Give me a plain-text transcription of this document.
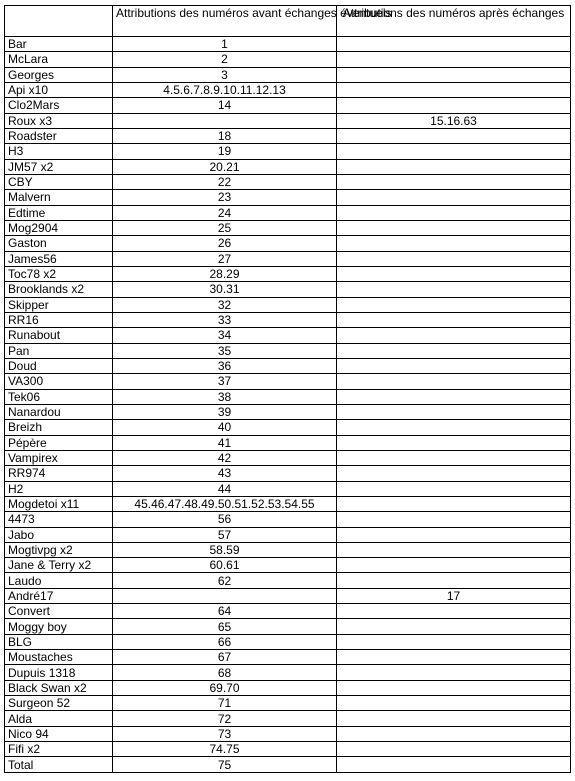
	Attributions des numéros avant échanges éventuels	Attributions des numéros après échanges
Bar	1	
McLara	2	
Georges	3	
Api x10	4.5.6.7.8.9.10.11.12.13	
Clo2Mars	14	
Roux x3		15.16.63
Roadster	18	
H3	19	
JM57 x2	20.21	
CBY	22	
Malvern	23	
Edtime	24	
Mog2904	25	
Gaston	26	
James56	27	
Toc78 x2	28.29	
Brooklands x2	30.31	
Skipper	32	
RR16	33	
Runabout	34	
Pan	35	
Doud	36	
VA300	37	
Tek06	38	
Nanardou	39	
Breizh	40	
Pépère	41	
Vampirex	42	
RR974	43	
H2	44	
Mogdetoi x11	45.46.47.48.49.50.51.52.53.54.55	
4473	56	
Jabo	57	
Mogtivpg x2	58.59	
Jane & Terry x2	60.61	
Laudo	62	
André17		17
Convert	64	
Moggy boy	65	
BLG	66	
Moustaches	67	
Dupuis 1318	68	
Black Swan x2	69.70	
Surgeon 52	71	
Alda	72	
Nico 94	73	
Fifi x2	74.75	
Total	75	
